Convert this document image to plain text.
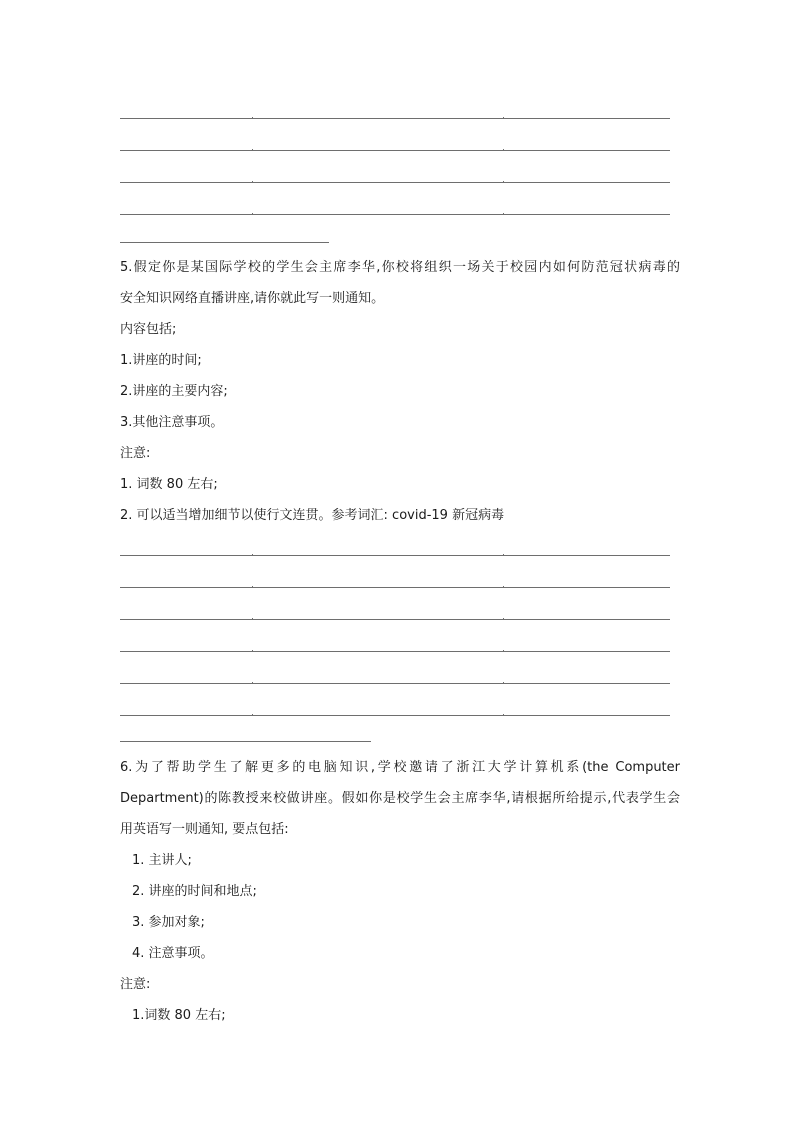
5.假定你是某国际学校的学生会主席李华,你校将组织一场关于校园内如何防范冠状病毒的
安全知识网络直播讲座,请你就此写一则通知。
内容包括;
1.讲座的时间;
2.讲座的主要内容;
3.其他注意事项。
注意:
1. 词数 80 左右;
2. 可以适当增加细节以使行文连贯。参考词汇: covid-19 新冠病毒
6.为了帮助学生了解更多的电脑知识,学校邀请了浙江大学计算机系(the Computer
Department)的陈教授来校做讲座。假如你是校学生会主席李华,请根据所给提示,代表学生会
用英语写一则通知, 要点包括:
1. 主讲人;
2. 讲座的时间和地点;
3. 参加对象;
4. 注意事项。
注意:
1.词数 80 左右;
